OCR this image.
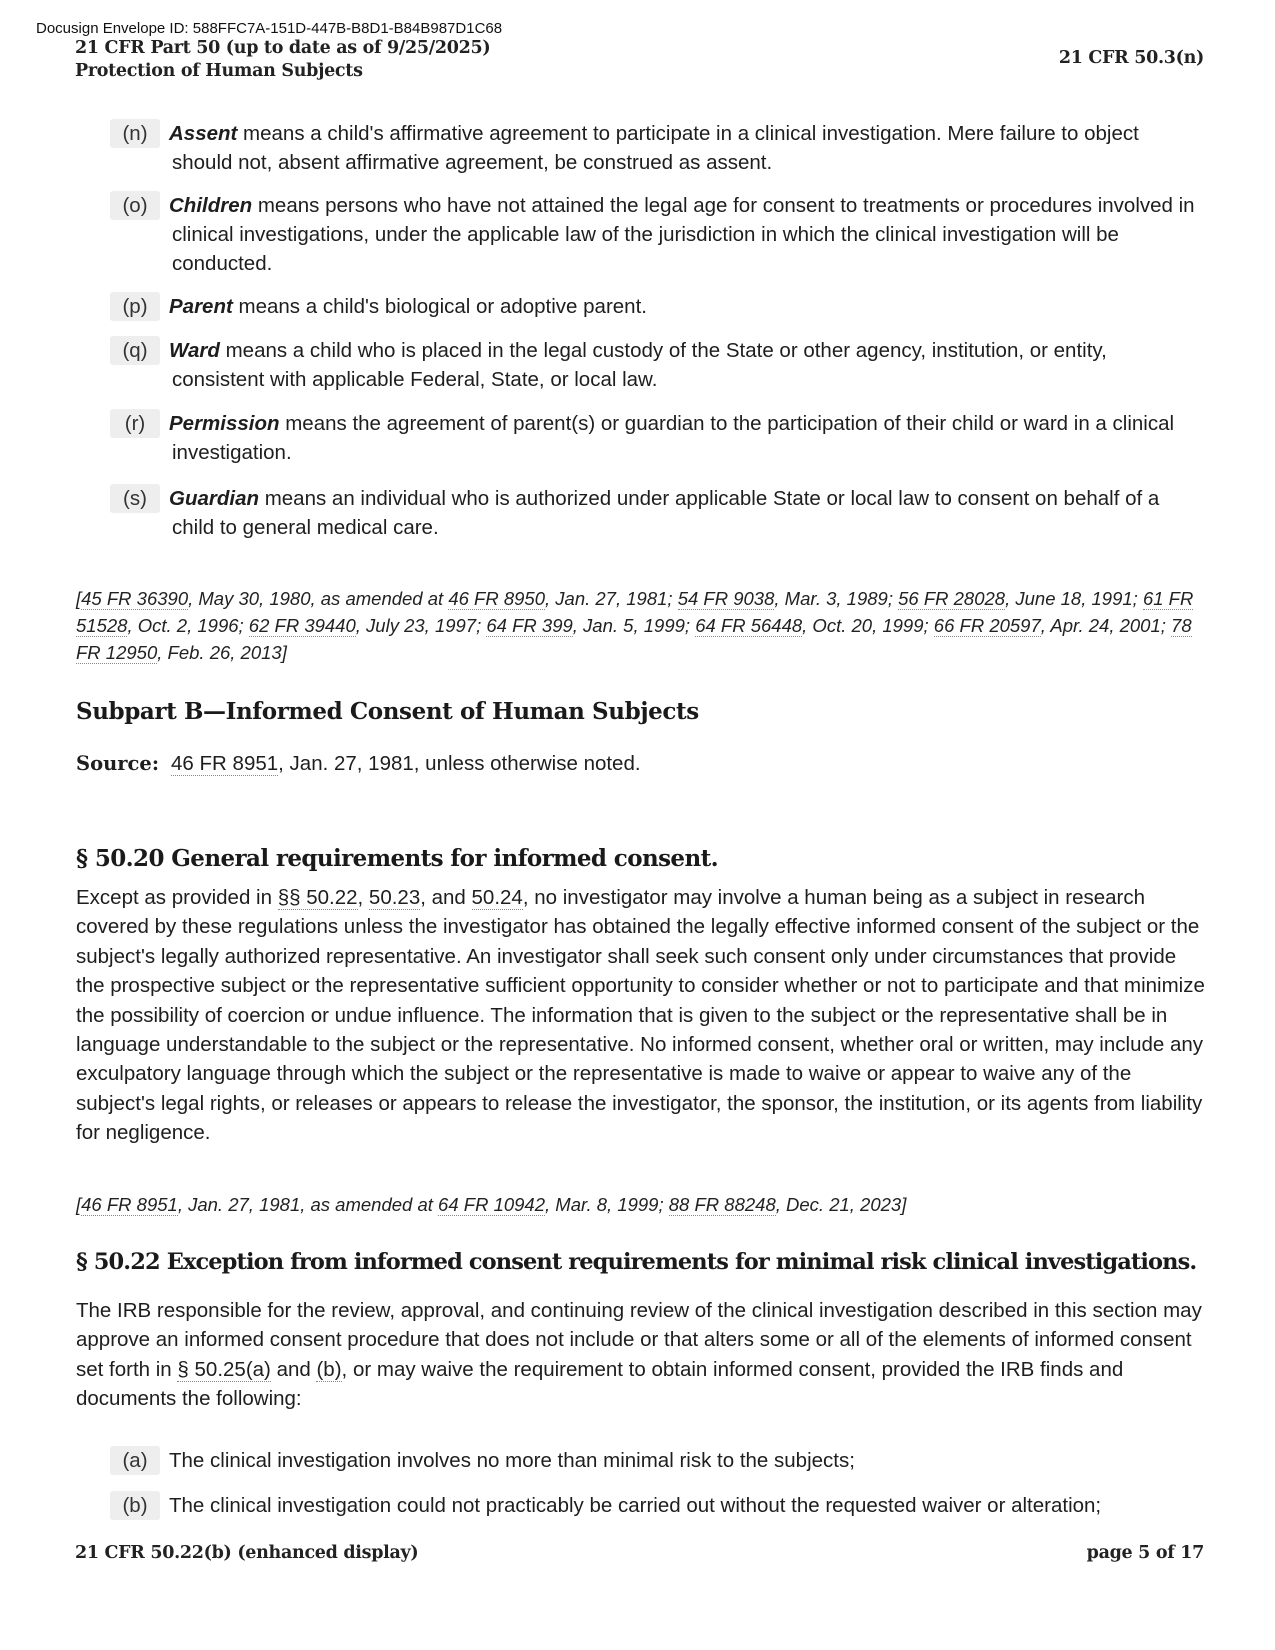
Docusign Envelope ID: 588FFC7A-151D-447B-B8D1-B84B987D1C68
21 CFR Part 50 (up to date as of 9/25/2025)
Protection of Human Subjects
21 CFR 50.3(n)
(n)	Assent means a child's affirmative agreement to participate in a clinical investigation. Mere failure to object should not, absent affirmative agreement, be construed as assent.
(o)	Children means persons who have not attained the legal age for consent to treatments or procedures involved in clinical investigations, under the applicable law of the jurisdiction in which the clinical investigation will be conducted.
(p)	Parent means a child's biological or adoptive parent.
(q)	Ward means a child who is placed in the legal custody of the State or other agency, institution, or entity, consistent with applicable Federal, State, or local law.
(r)	Permission means the agreement of parent(s) or guardian to the participation of their child or ward in a clinical investigation.
(s)	Guardian means an individual who is authorized under applicable State or local law to consent on behalf of a child to general medical care.
[45 FR 36390, May 30, 1980, as amended at 46 FR 8950, Jan. 27, 1981; 54 FR 9038, Mar. 3, 1989; 56 FR 28028, June 18, 1991; 61 FR 51528, Oct. 2, 1996; 62 FR 39440, July 23, 1997; 64 FR 399, Jan. 5, 1999; 64 FR 56448, Oct. 20, 1999; 66 FR 20597, Apr. 24, 2001; 78 FR 12950, Feb. 26, 2013]
Subpart B—Informed Consent of Human Subjects
Source: 46 FR 8951, Jan. 27, 1981, unless otherwise noted.
§ 50.20 General requirements for informed consent.
Except as provided in §§ 50.22, 50.23, and 50.24, no investigator may involve a human being as a subject in research covered by these regulations unless the investigator has obtained the legally effective informed consent of the subject or the subject's legally authorized representative. An investigator shall seek such consent only under circumstances that provide the prospective subject or the representative sufficient opportunity to consider whether or not to participate and that minimize the possibility of coercion or undue influence. The information that is given to the subject or the representative shall be in language understandable to the subject or the representative. No informed consent, whether oral or written, may include any exculpatory language through which the subject or the representative is made to waive or appear to waive any of the subject's legal rights, or releases or appears to release the investigator, the sponsor, the institution, or its agents from liability for negligence.
[46 FR 8951, Jan. 27, 1981, as amended at 64 FR 10942, Mar. 8, 1999; 88 FR 88248, Dec. 21, 2023]
§ 50.22 Exception from informed consent requirements for minimal risk clinical investigations.
The IRB responsible for the review, approval, and continuing review of the clinical investigation described in this section may approve an informed consent procedure that does not include or that alters some or all of the elements of informed consent set forth in § 50.25(a) and (b), or may waive the requirement to obtain informed consent, provided the IRB finds and documents the following:
(a)	The clinical investigation involves no more than minimal risk to the subjects;
(b)	The clinical investigation could not practicably be carried out without the requested waiver or alteration;
21 CFR 50.22(b) (enhanced display)	page 5 of 17
